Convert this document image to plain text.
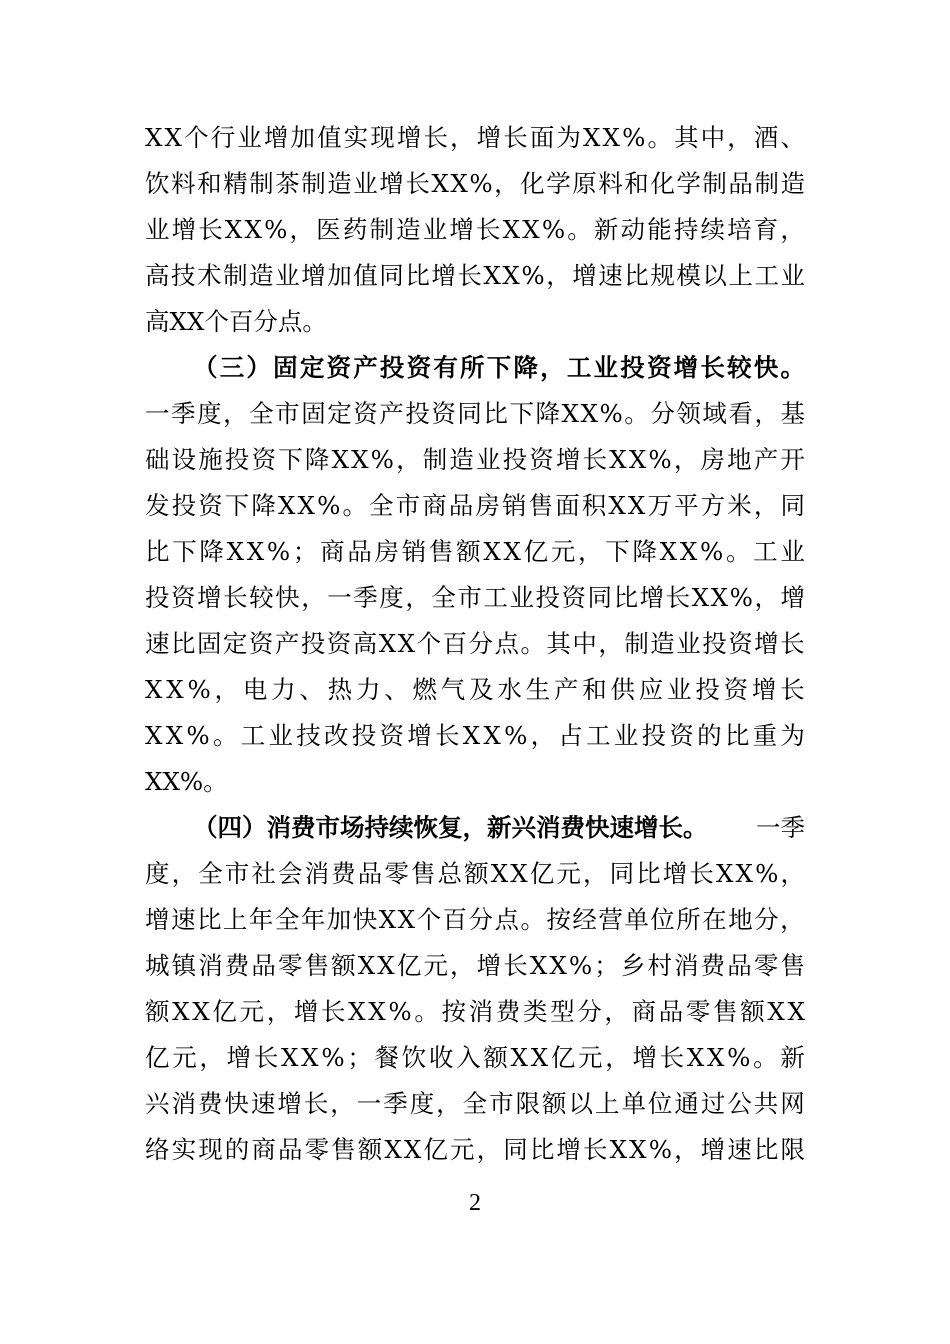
X X 个 行 业 增 加 值 实 现 增 长 ， 增 长 面 为 X X % 。 其 中 ， 酒 、
饮 料 和 精 制 茶 制 造 业 增 长 X X % ， 化 学 原 料 和 化 学 制 品 制 造
业 增 长 X X % ， 医 药 制 造 业 增 长 X X % 。 新 动 能 持 续 培 育 ，
高 技 术 制 造 业 增 加 值 同 比 增 长 X X % ， 增 速 比 规 模 以 上 工 业
高XX个百分点。
（ 三 ） 固 定 资 产 投 资 有 所 下 降 ， 工 业 投 资 增 长 较 快 。
一 季 度 ， 全 市 固 定 资 产 投 资 同 比 下 降 X X % 。 分 领 域 看 ， 基
础 设 施 投 资 下 降 X X % ， 制 造 业 投 资 增 长 X X % ， 房 地 产 开
发 投 资 下 降 X X % 。 全 市 商 品 房 销 售 面 积 X X 万 平 方 米 ， 同
比 下 降 X X % ； 商 品 房 销 售 额 X X 亿 元 ， 下 降 X X % 。 工 业
投 资 增 长 较 快 ， 一 季 度 ， 全 市 工 业 投 资 同 比 增 长 X X % ， 增
速 比 固 定 资 产 投 资 高 X X 个 百 分 点 。 其 中 ， 制 造 业 投 资 增 长
X X % ， 电 力 、 热 力 、 燃 气 及 水 生 产 和 供 应 业 投 资 增 长
X X % 。 工 业 技 改 投 资 增 长 X X % ， 占 工 业 投 资 的 比 重 为
XX%。
（四）消费市场持续恢复，新兴消费快速增长。 一季
度 ， 全 市 社 会 消 费 品 零 售 总 额 X X 亿 元 ， 同 比 增 长 X X % ，
增 速 比 上 年 全 年 加 快 X X 个 百 分 点 。 按 经 营 单 位 所 在 地 分 ，
城 镇 消 费 品 零 售 额 X X 亿 元 ， 增 长 X X % ； 乡 村 消 费 品 零 售
额 X X 亿 元 ， 增 长 X X % 。 按 消 费 类 型 分 ， 商 品 零 售 额 X X
亿 元 ， 增 长 X X % ； 餐 饮 收 入 额 X X 亿 元 ， 增 长 X X % 。 新
兴 消 费 快 速 增 长 ， 一 季 度 ， 全 市 限 额 以 上 单 位 通 过 公 共 网
络 实 现 的 商 品 零 售 额 X X 亿 元 ， 同 比 增 长 X X % ， 增 速 比 限
2
